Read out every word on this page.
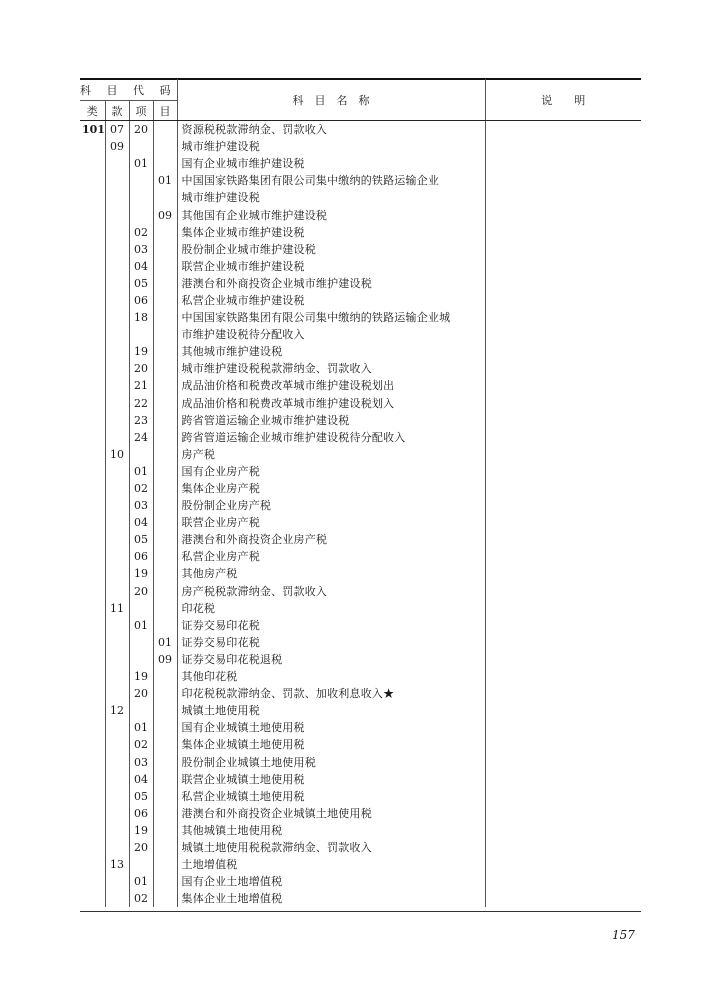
科 目 代 码				科　目　名　称	说　　明
类	款	项	目		
101	07	20		资源税税款滞纳金、罚款收入	
	09			城市维护建设税	
		01		国有企业城市维护建设税	
			01	中国国家铁路集团有限公司集中缴纳的铁路运输企业	
				城市维护建设税	
			09	其他国有企业城市维护建设税	
		02		集体企业城市维护建设税	
		03		股份制企业城市维护建设税	
		04		联营企业城市维护建设税	
		05		港澳台和外商投资企业城市维护建设税	
		06		私营企业城市维护建设税	
		18		中国国家铁路集团有限公司集中缴纳的铁路运输企业城	
				市维护建设税待分配收入	
		19		其他城市维护建设税	
		20		城市维护建设税税款滞纳金、罚款收入	
		21		成品油价格和税费改革城市维护建设税划出	
		22		成品油价格和税费改革城市维护建设税划入	
		23		跨省管道运输企业城市维护建设税	
		24		跨省管道运输企业城市维护建设税待分配收入	
	10			房产税	
		01		国有企业房产税	
		02		集体企业房产税	
		03		股份制企业房产税	
		04		联营企业房产税	
		05		港澳台和外商投资企业房产税	
		06		私营企业房产税	
		19		其他房产税	
		20		房产税税款滞纳金、罚款收入	
	11			印花税	
		01		证券交易印花税	
			01	证券交易印花税	
			09	证券交易印花税退税	
		19		其他印花税	
		20		印花税税款滞纳金、罚款、加收利息收入★	
	12			城镇土地使用税	
		01		国有企业城镇土地使用税	
		02		集体企业城镇土地使用税	
		03		股份制企业城镇土地使用税	
		04		联营企业城镇土地使用税	
		05		私营企业城镇土地使用税	
		06		港澳台和外商投资企业城镇土地使用税	
		19		其他城镇土地使用税	
		20		城镇土地使用税税款滞纳金、罚款收入	
	13			土地增值税	
		01		国有企业土地增值税	
		02		集体企业土地增值税	
157
